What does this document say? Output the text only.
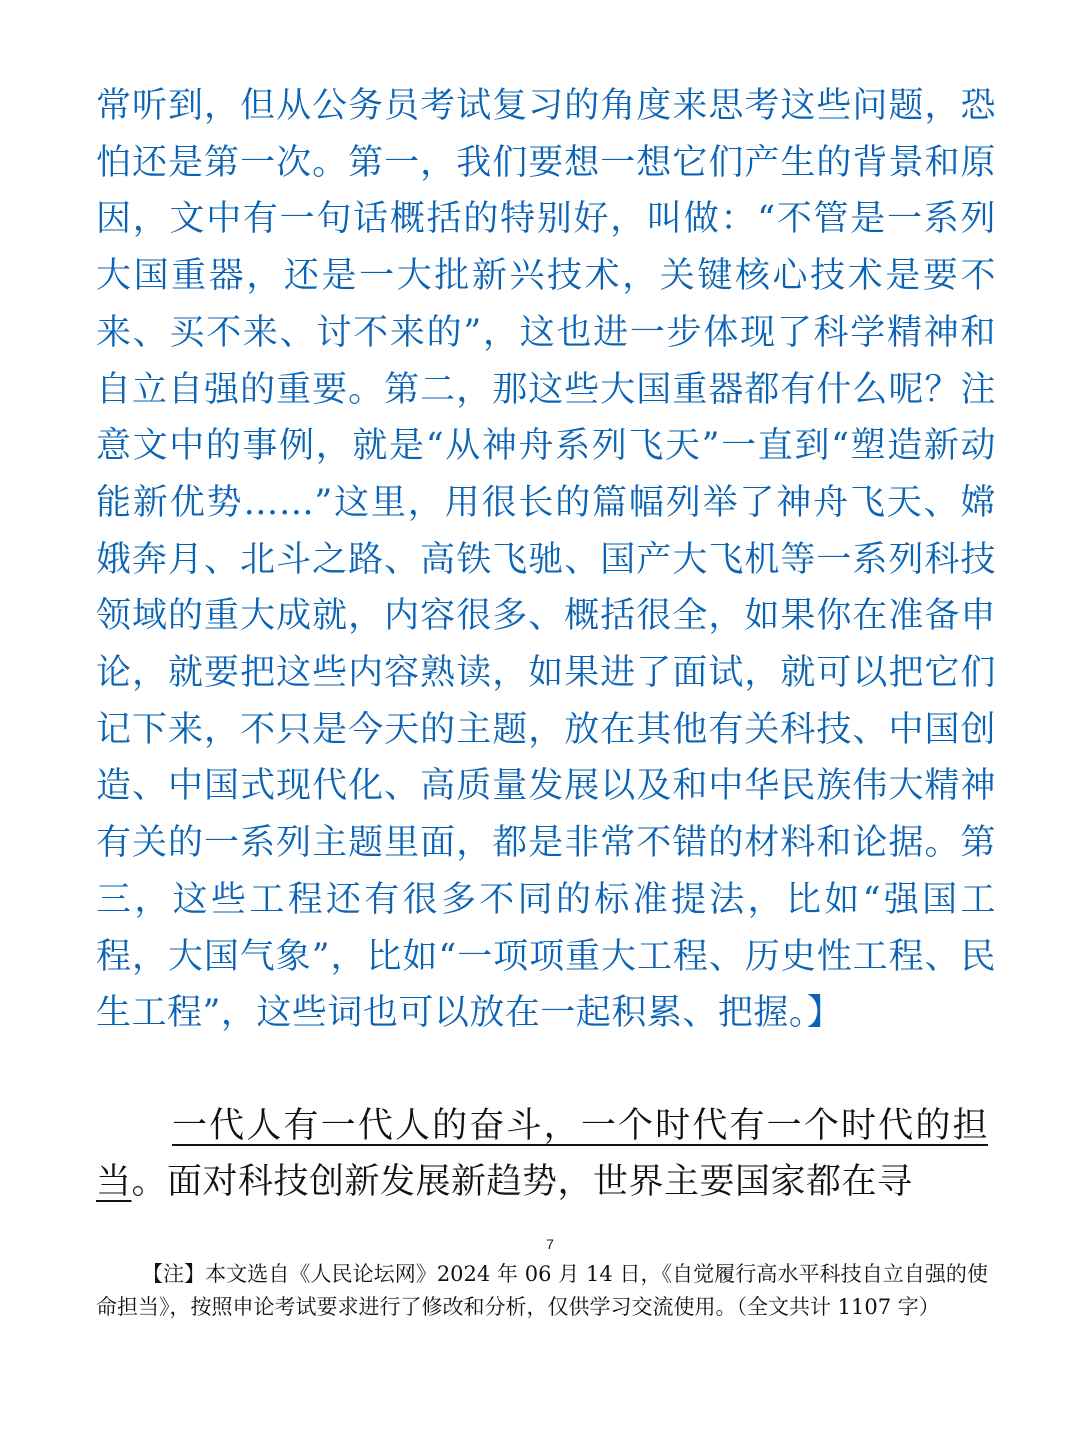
常听到，但从公务员考试复习的角度来思考这些问题，恐怕还是第一次。第一，我们要想一想它们产生的背景和原因，文中有一句话概括的特别好，叫做：“不管是一系列大国重器，还是一大批新兴技术，关键核心技术是要不来、买不来、讨不来的”，这也进一步体现了科学精神和自立自强的重要。第二，那这些大国重器都有什么呢？注意文中的事例，就是“从神舟系列飞天”一直到“塑造新动能新优势……”这里，用很长的篇幅列举了神舟飞天、嫦娥奔月、北斗之路、高铁飞驰、国产大飞机等一系列科技领域的重大成就，内容很多、概括很全，如果你在准备申论，就要把这些内容熟读，如果进了面试，就可以把它们记下来，不只是今天的主题，放在其他有关科技、中国创造、中国式现代化、高质量发展以及和中华民族伟大精神有关的一系列主题里面，都是非常不错的材料和论据。第三，这些工程还有很多不同的标准提法，比如“强国工程，大国气象”，比如“一项项重大工程、历史性工程、民生工程”，这些词也可以放在一起积累、把握。】

一代人有一代人的奋斗，一个时代有一个时代的担当。面对科技创新发展新趋势，世界主要国家都在寻

7

【注】本文选自《人民论坛网》2024 年 06 月 14 日，《自觉履行高水平科技自立自强的使命担当》，按照申论考试要求进行了修改和分析，仅供学习交流使用。（全文共计 1107 字）
